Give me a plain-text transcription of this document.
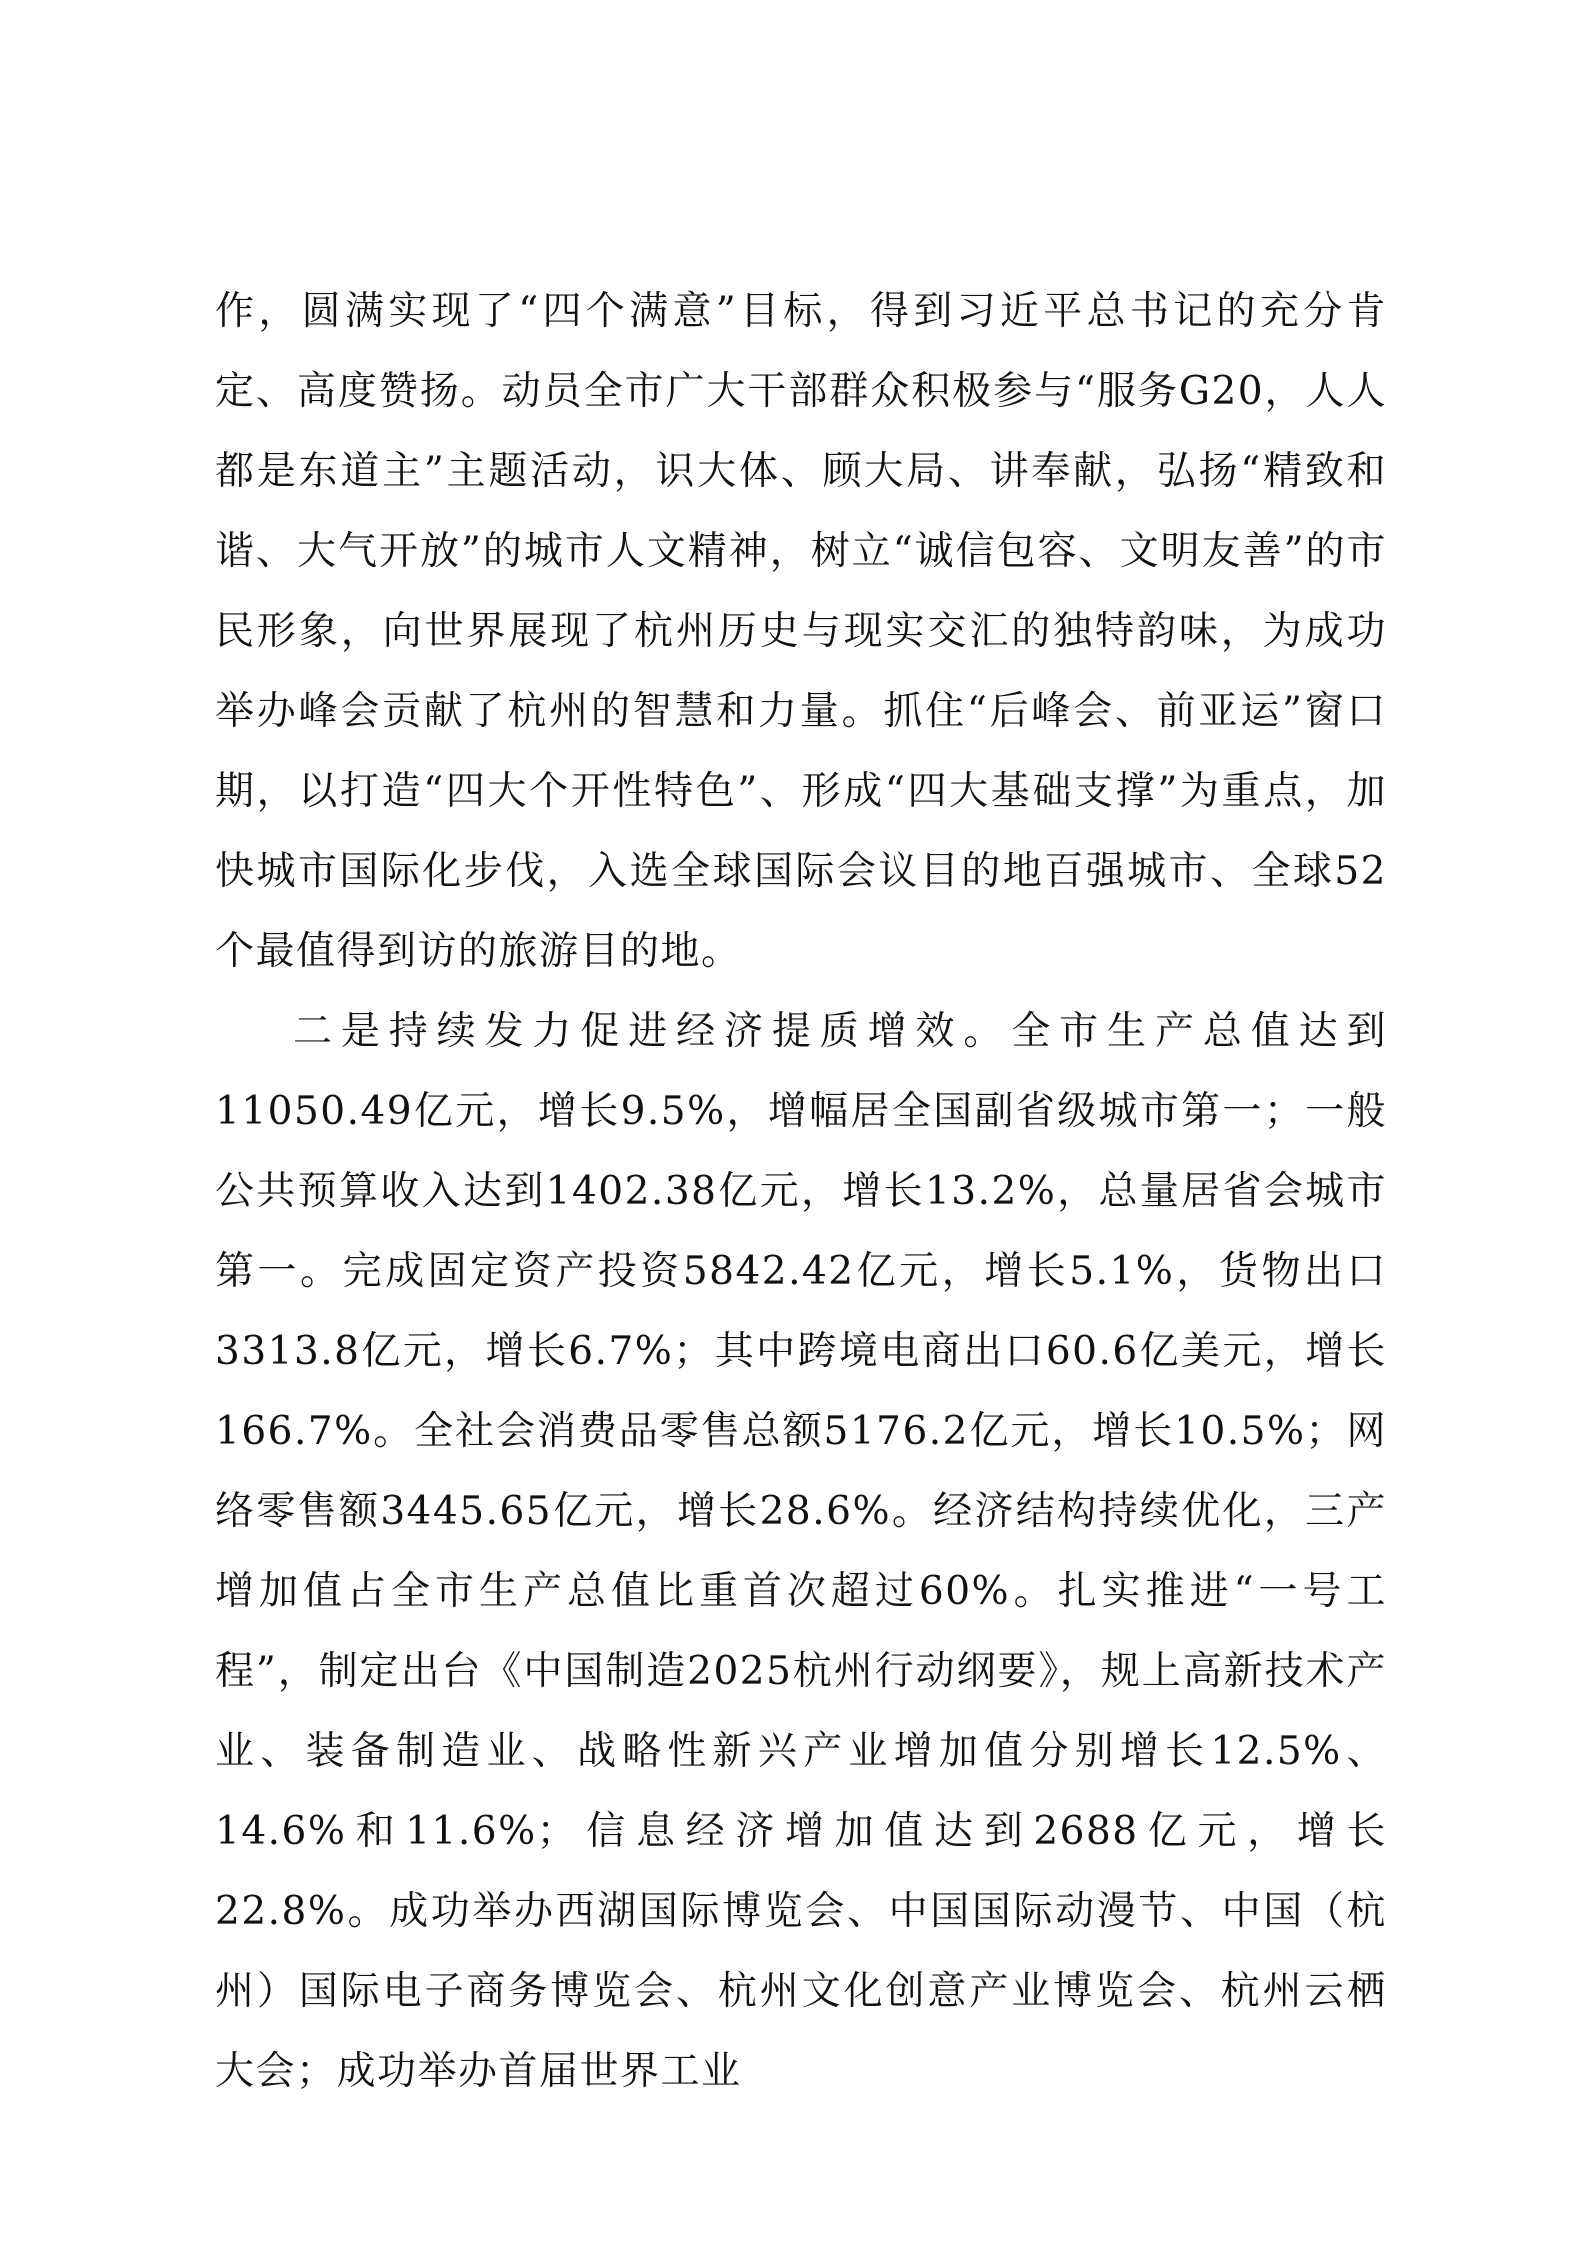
作，圆满实现了“四个满意”目标，得到习近平总书记的充分肯定、高度赞扬。动员全市广大干部群众积极参与“服务G20，人人都是东道主”主题活动，识大体、顾大局、讲奉献，弘扬“精致和谐、大气开放”的城市人文精神，树立“诚信包容、文明友善”的市民形象，向世界展现了杭州历史与现实交汇的独特韵味，为成功举办峰会贡献了杭州的智慧和力量。抓住“后峰会、前亚运”窗口期，以打造“四大个开性特色”、形成“四大基础支撑”为重点，加快城市国际化步伐，入选全球国际会议目的地百强城市、全球52个最值得到访的旅游目的地。

二是持续发力促进经济提质增效。全市生产总值达到11050.49亿元，增长9.5%，增幅居全国副省级城市第一；一般公共预算收入达到1402.38亿元，增长13.2%，总量居省会城市第一。完成固定资产投资5842.42亿元，增长5.1%，货物出口3313.8亿元，增长6.7%；其中跨境电商出口60.6亿美元，增长166.7%。全社会消费品零售总额5176.2亿元，增长10.5%；网络零售额3445.65亿元，增长28.6%。经济结构持续优化，三产增加值占全市生产总值比重首次超过60%。扎实推进“一号工程”，制定出台《中国制造2025杭州行动纲要》，规上高新技术产业、装备制造业、战略性新兴产业增加值分别增长12.5%、14.6%和11.6%；信息经济增加值达到2688亿元，增长22.8%。成功举办西湖国际博览会、中国国际动漫节、中国（杭州）国际电子商务博览会、杭州文化创意产业博览会、杭州云栖大会；成功举办首届世界工业
